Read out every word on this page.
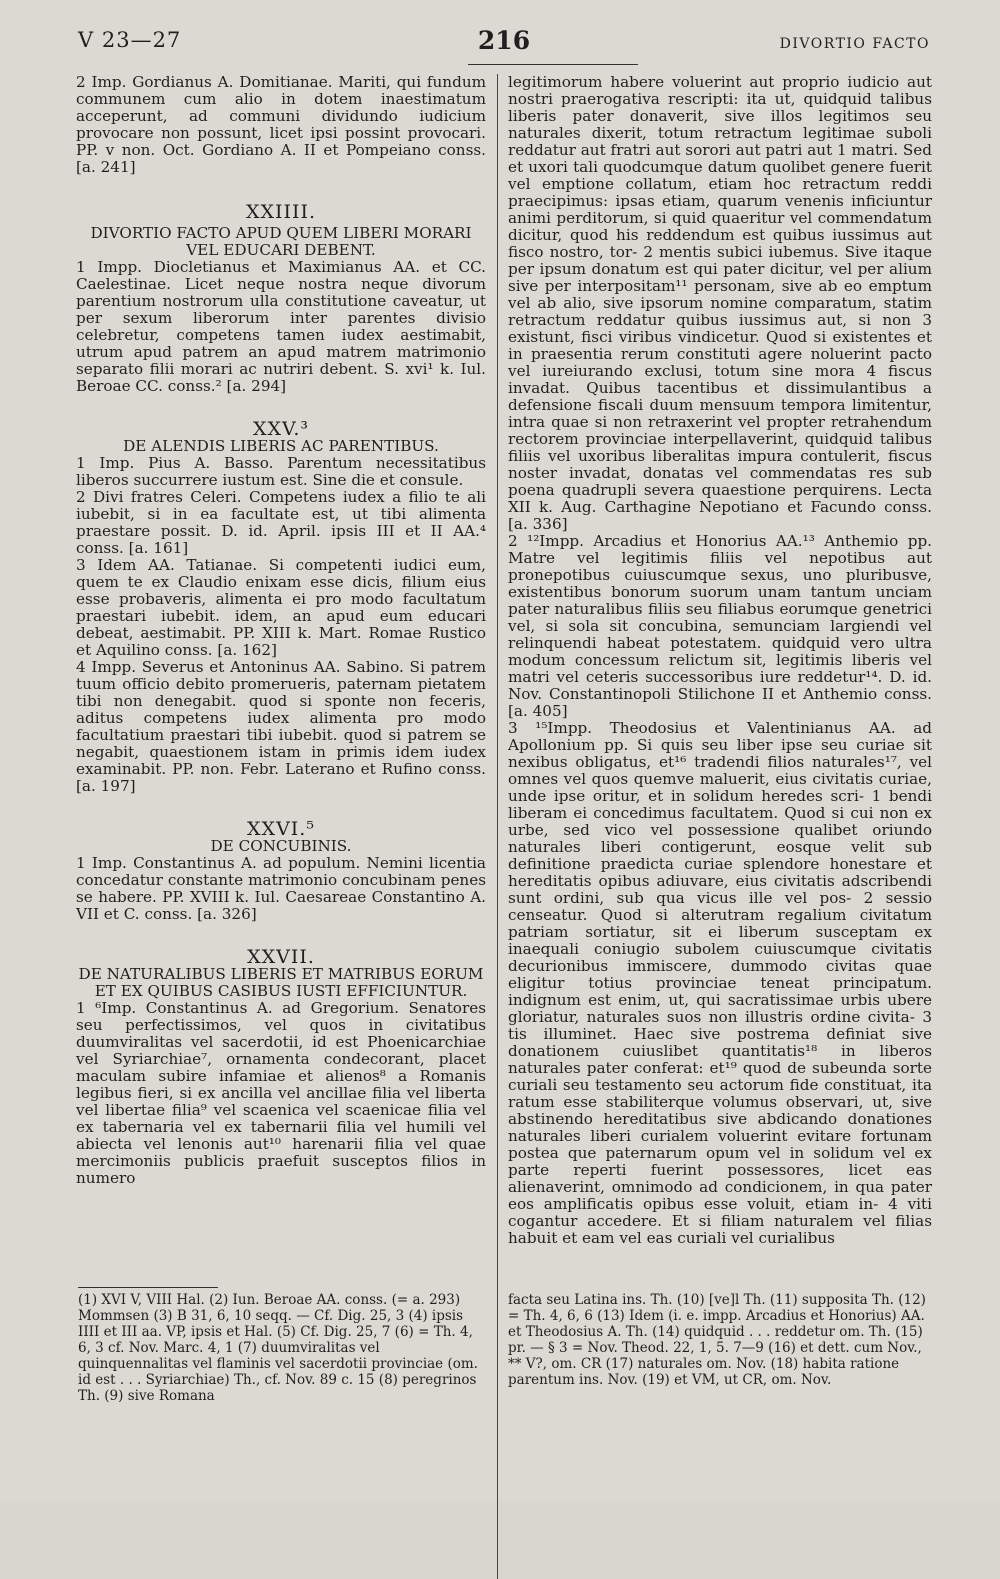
V 23—27	216	DIVORTIO FACTO

2 Imp. Gordianus A. Domitianae. Mariti, qui fundum communem cum alio in dotem inaestimatum acceperunt, ad communi dividundo iudicium provocare non possunt, licet ipsi possint provocari. PP. v non. Oct. Gordiano A. II et Pompeiano conss. [a. 241]

XXIIII.

DIVORTIO FACTO APUD QUEM LIBERI MORARI VEL EDUCARI DEBENT.

1 Impp. Diocletianus et Maximianus AA. et CC. Caelestinae. Licet neque nostra neque divorum parentium nostrorum ulla constitutione caveatur, ut per sexum liberorum inter parentes divisio celebretur, competens tamen iudex aestimabit, utrum apud patrem an apud matrem matrimonio separato filii morari ac nutriri debent. S. xvi¹ k. Iul. Beroae CC. conss.² [a. 294]

XXV.³

DE ALENDIS LIBERIS AC PARENTIBUS.

1 Imp. Pius A. Basso. Parentum necessitatibus liberos succurrere iustum est. Sine die et consule.

2 Divi fratres Celeri. Competens iudex a filio te ali iubebit, si in ea facultate est, ut tibi alimenta praestare possit. D. id. April. ipsis III et II AA.⁴ conss. [a. 161]

3 Idem AA. Tatianae. Si competenti iudici eum, quem te ex Claudio enixam esse dicis, filium eius esse probaveris, alimenta ei pro modo facultatum praestari iubebit. idem, an apud eum educari debeat, aestimabit. PP. XIII k. Mart. Romae Rustico et Aquilino conss. [a. 162]

4 Impp. Severus et Antoninus AA. Sabino. Si patrem tuum officio debito promerueris, paternam pietatem tibi non denegabit. quod si sponte non feceris, aditus competens iudex alimenta pro modo facultatium praestari tibi iubebit. quod si patrem se negabit, quaestionem istam in primis idem iudex examinabit. PP. non. Febr. Laterano et Rufino conss. [a. 197]

XXVI.⁵

DE CONCUBINIS.

1 Imp. Constantinus A. ad populum. Nemini licentia concedatur constante matrimonio concubinam penes se habere. PP. XVIII k. Iul. Caesareae Constantino A. VII et C. conss. [a. 326]

XXVII.

DE NATURALIBUS LIBERIS ET MATRIBUS EORUM ET EX QUIBUS CASIBUS IUSTI EFFICIUNTUR.

1 ⁶Imp. Constantinus A. ad Gregorium. Senatores seu perfectissimos, vel quos in civitatibus duumviralitas vel sacerdotii, id est Phoenicarchiae vel Syriarchiae⁷, ornamenta condecorant, placet maculam subire infamiae et alienos⁸ a Romanis legibus fieri, si ex ancilla vel ancillae filia vel liberta vel libertae filia⁹ vel scaenica vel scaenicae filia vel ex tabernaria vel ex tabernarii filia vel humili vel abiecta vel lenonis aut¹⁰ harenarii filia vel quae mercimoniis publicis praefuit susceptos filios in numero

legitimorum habere voluerint aut proprio iudicio aut nostri praerogativa rescripti: ita ut, quidquid talibus liberis pater donaverit, sive illos legitimos seu naturales dixerit, totum retractum legitimae suboli reddatur aut fratri aut sorori aut patri aut 1 matri. Sed et uxori tali quodcumque datum quolibet genere fuerit vel emptione collatum, etiam hoc retractum reddi praecipimus: ipsas etiam, quarum venenis inficiuntur animi perditorum, si quid quaeritur vel commendatum dicitur, quod his reddendum est quibus iussimus aut fisco nostro, tor- 2 mentis subici iubemus. Sive itaque per ipsum donatum est qui pater dicitur, vel per alium sive per interpositam¹¹ personam, sive ab eo emptum vel ab alio, sive ipsorum nomine comparatum, statim retractum reddatur quibus iussimus aut, si non 3 existunt, fisci viribus vindicetur. Quod si existentes et in praesentia rerum constituti agere noluerint pacto vel iureiurando exclusi, totum sine mora 4 fiscus invadat. Quibus tacentibus et dissimulantibus a defensione fiscali duum mensuum tempora limitentur, intra quae si non retraxerint vel propter retrahendum rectorem provinciae interpellaverint, quidquid talibus filiis vel uxoribus liberalitas impura contulerit, fiscus noster invadat, donatas vel commendatas res sub poena quadrupli severa quaestione perquirens. Lecta XII k. Aug. Carthagine Nepotiano et Facundo conss. [a. 336]

2 ¹²Impp. Arcadius et Honorius AA.¹³ Anthemio pp. Matre vel legitimis filiis vel nepotibus aut pronepotibus cuiuscumque sexus, uno pluribusve, existentibus bonorum suorum unam tantum unciam pater naturalibus filiis seu filiabus eorumque genetrici vel, si sola sit concubina, semunciam largiendi vel relinquendi habeat potestatem. quidquid vero ultra modum concessum relictum sit, legitimis liberis vel matri vel ceteris successoribus iure reddetur¹⁴. D. id. Nov. Constantinopoli Stilichone II et Anthemio conss. [a. 405]

3 ¹⁵Impp. Theodosius et Valentinianus AA. ad Apollonium pp. Si quis seu liber ipse seu curiae sit nexibus obligatus, et¹⁶ tradendi filios naturales¹⁷, vel omnes vel quos quemve maluerit, eius civitatis curiae, unde ipse oritur, et in solidum heredes scri- 1 bendi liberam ei concedimus facultatem. Quod si cui non ex urbe, sed vico vel possessione qualibet oriundo naturales liberi contigerunt, eosque velit sub definitione praedicta curiae splendore honestare et hereditatis opibus adiuvare, eius civitatis adscribendi sunt ordini, sub qua vicus ille vel pos- 2 sessio censeatur. Quod si alterutram regalium civitatum patriam sortiatur, sit ei liberum susceptam ex inaequali coniugio subolem cuiuscumque civitatis decurionibus immiscere, dummodo civitas quae eligitur totius provinciae teneat principatum. indignum est enim, ut, qui sacratissimae urbis ubere gloriatur, naturales suos non illustris ordine civita- 3 tis illuminet. Haec sive postrema definiat sive donationem cuiuslibet quantitatis¹⁸ in liberos naturales pater conferat: et¹⁹ quod de subeunda sorte curiali seu testamento seu actorum fide constituat, ita ratum esse stabiliterque volumus observari, ut, sive abstinendo hereditatibus sive abdicando donationes naturales liberi curialem voluerint evitare fortunam postea que paternarum opum vel in solidum vel ex parte reperti fuerint possessores, licet eas alienaverint, omnimodo ad condicionem, in qua pater eos amplificatis opibus esse voluit, etiam in- 4 viti cogantur accedere. Et si filiam naturalem vel filias habuit et eam vel eas curiali vel curialibus

(1) XVI V, VIII Hal. (2) Iun. Beroae AA. conss. (= a. 293) Mommsen (3) B 31, 6, 10 seqq. — Cf. Dig. 25, 3 (4) ipsis IIII et III aa. VP, ipsis et Hal. (5) Cf. Dig. 25, 7 (6) = Th. 4, 6, 3 cf. Nov. Marc. 4, 1 (7) duumviralitas vel quinquennalitas vel flaminis vel sacerdotii provinciae (om. id est . . . Syriarchiae) Th., cf. Nov. 89 c. 15 (8) peregrinos Th. (9) sive Romana
facta seu Latina ins. Th. (10) [ve]l Th. (11) supposita Th. (12) = Th. 4, 6, 6 (13) Idem (i. e. impp. Arcadius et Honorius) AA. et Theodosius A. Th. (14) quidquid . . . reddetur om. Th. (15) pr. — § 3 = Nov. Theod. 22, 1, 5. 7—9 (16) et dett. cum Nov., ** V?, om. CR (17) naturales om. Nov. (18) habita ratione parentum ins. Nov. (19) et VM, ut CR, om. Nov.
